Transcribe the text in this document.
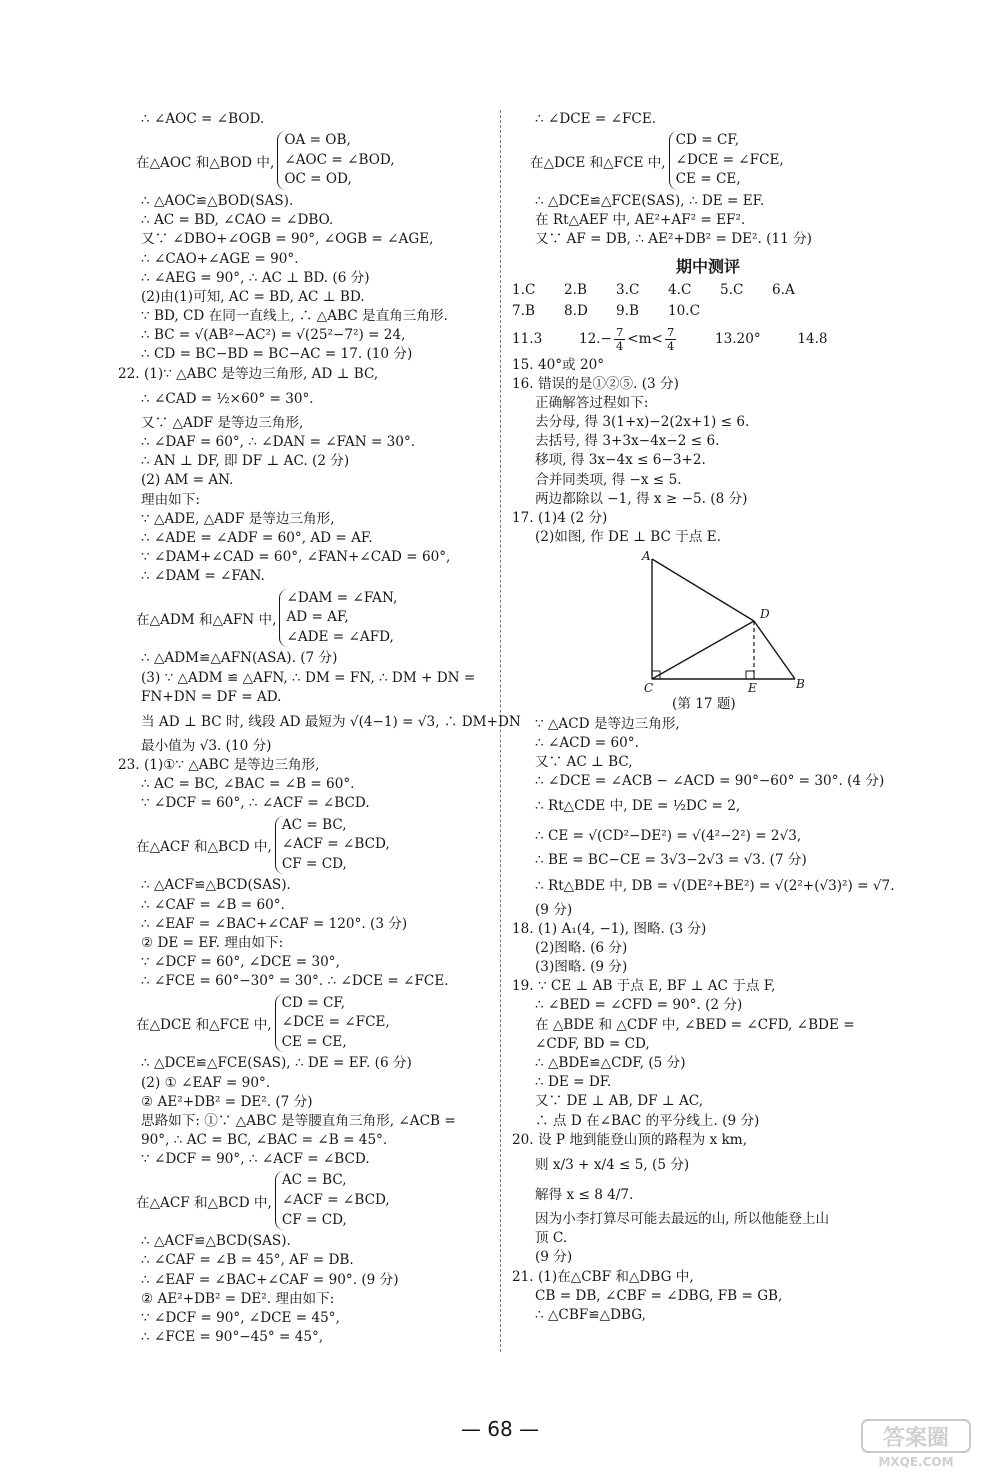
∴ ∠AOC = ∠BOD.
在△AOC 和△BOD 中,
OA = OB,
∠AOC = ∠BOD,
OC = OD,
∴ △AOC≌△BOD(SAS).
∴ AC = BD, ∠CAO = ∠DBO.
又∵ ∠DBO+∠OGB = 90°, ∠OGB = ∠AGE,
∴ ∠CAO+∠AGE = 90°.
∴ ∠AEG = 90°, ∴ AC ⊥ BD. (6 分)
(2)由(1)可知, AC = BD, AC ⊥ BD.
∵ BD, CD 在同一直线上, ∴ △ABC 是直角三角形.
∴ BC = √(AB²−AC²) = √(25²−7²) = 24,
∴ CD = BC−BD = BC−AC = 17. (10 分)
22. (1)∵ △ABC 是等边三角形, AD ⊥ BC,
∴ ∠CAD = ½×60° = 30°.
又∵ △ADF 是等边三角形,
∴ ∠DAF = 60°, ∴ ∠DAN = ∠FAN = 30°.
∴ AN ⊥ DF, 即 DF ⊥ AC. (2 分)
(2) AM = AN.
理由如下:
∵ △ADE, △ADF 是等边三角形,
∴ ∠ADE = ∠ADF = 60°, AD = AF.
∵ ∠DAM+∠CAD = 60°, ∠FAN+∠CAD = 60°,
∴ ∠DAM = ∠FAN.
在△ADM 和△AFN 中,
∠DAM = ∠FAN,
AD = AF,
∠ADE = ∠AFD,
∴ △ADM≌△AFN(ASA). (7 分)
(3) ∵ △ADM ≌ △AFN, ∴ DM = FN, ∴ DM + DN =
FN+DN = DF = AD.
当 AD ⊥ BC 时, 线段 AD 最短为 √(4−1) = √3, ∴ DM+DN
最小值为 √3. (10 分)
23. (1)①∵ △ABC 是等边三角形,
∴ AC = BC, ∠BAC = ∠B = 60°.
∵ ∠DCF = 60°, ∴ ∠ACF = ∠BCD.
在△ACF 和△BCD 中,
AC = BC,
∠ACF = ∠BCD,
CF = CD,
∴ △ACF≌△BCD(SAS).
∴ ∠CAF = ∠B = 60°.
∴ ∠EAF = ∠BAC+∠CAF = 120°. (3 分)
② DE = EF. 理由如下:
∵ ∠DCF = 60°, ∠DCE = 30°,
∴ ∠FCE = 60°−30° = 30°. ∴ ∠DCE = ∠FCE.
在△DCE 和△FCE 中,
CD = CF,
∠DCE = ∠FCE,
CE = CE,
∴ △DCE≌△FCE(SAS), ∴ DE = EF. (6 分)
(2) ① ∠EAF = 90°.
② AE²+DB² = DE². (7 分)
思路如下: ①∵ △ABC 是等腰直角三角形, ∠ACB =
90°, ∴ AC = BC, ∠BAC = ∠B = 45°.
∵ ∠DCF = 90°, ∴ ∠ACF = ∠BCD.
在△ACF 和△BCD 中,
AC = BC,
∠ACF = ∠BCD,
CF = CD,
∴ △ACF≌△BCD(SAS).
∴ ∠CAF = ∠B = 45°, AF = DB.
∴ ∠EAF = ∠BAC+∠CAF = 90°. (9 分)
② AE²+DB² = DE². 理由如下:
∵ ∠DCF = 90°, ∠DCE = 45°,
∴ ∠FCE = 90°−45° = 45°,
∴ ∠DCE = ∠FCE.
在△DCE 和△FCE 中,
CD = CF,
∠DCE = ∠FCE,
CE = CE,
∴ △DCE≌△FCE(SAS), ∴ DE = EF.
在 Rt△AEF 中, AE²+AF² = EF².
又∵ AF = DB, ∴ AE²+DB² = DE². (11 分)
期中测评
1.C	2.B	3.C	4.C	5.C	6.A
7.B	8.D	9.B	10.C
11.3	$12.- \frac{7}{4} <m< \frac{7}{4}$	13.20°	14.8
15. 40°或 20°
16. 错误的是①②⑤. (3 分)
正确解答过程如下:
去分母, 得 3(1+x)−2(2x+1) ≤ 6.
去括号, 得 3+3x−4x−2 ≤ 6.
移项, 得 3x−4x ≤ 6−3+2.
合并同类项, 得 −x ≤ 5.
两边都除以 −1, 得 x ≥ −5. (8 分)
17. (1)4 (2 分)
(2)如图, 作 DE ⊥ BC 于点 E.
A
D
C	E	B
(第 17 题)
∵ △ACD 是等边三角形,
∴ ∠ACD = 60°.
又∵ AC ⊥ BC,
∴ ∠DCE = ∠ACB − ∠ACD = 90°−60° = 30°. (4 分)
∴ Rt△CDE 中, DE = ½DC = 2,
∴ CE = √(CD²−DE²) = √(4²−2²) = 2√3,
∴ BE = BC−CE = 3√3−2√3 = √3. (7 分)
∴ Rt△BDE 中, DB = √(DE²+BE²) = √(2²+(√3)²) = √7.
(9 分)
18. (1) A₁(4, −1), 图略. (3 分)
(2)图略. (6 分)
(3)图略. (9 分)
19. ∵ CE ⊥ AB 于点 E, BF ⊥ AC 于点 F,
∴ ∠BED = ∠CFD = 90°. (2 分)
在 △BDE 和 △CDF 中, ∠BED = ∠CFD, ∠BDE =
∠CDF, BD = CD,
∴ △BDE≌△CDF, (5 分)
∴ DE = DF.
又∵ DE ⊥ AB, DF ⊥ AC,
∴ 点 D 在∠BAC 的平分线上. (9 分)
20. 设 P 地到能登山顶的路程为 x km,
则 x/3 + x/4 ≤ 5, (5 分)
解得 x ≤ 8 4/7.
因为小李打算尽可能去最远的山, 所以他能登上山
顶 C.
(9 分)
21. (1)在△CBF 和△DBG 中,
CB = DB, ∠CBF = ∠DBG, FB = GB,
∴ △CBF≌△DBG,
— 68 —	答案圈
MXQE.COM
